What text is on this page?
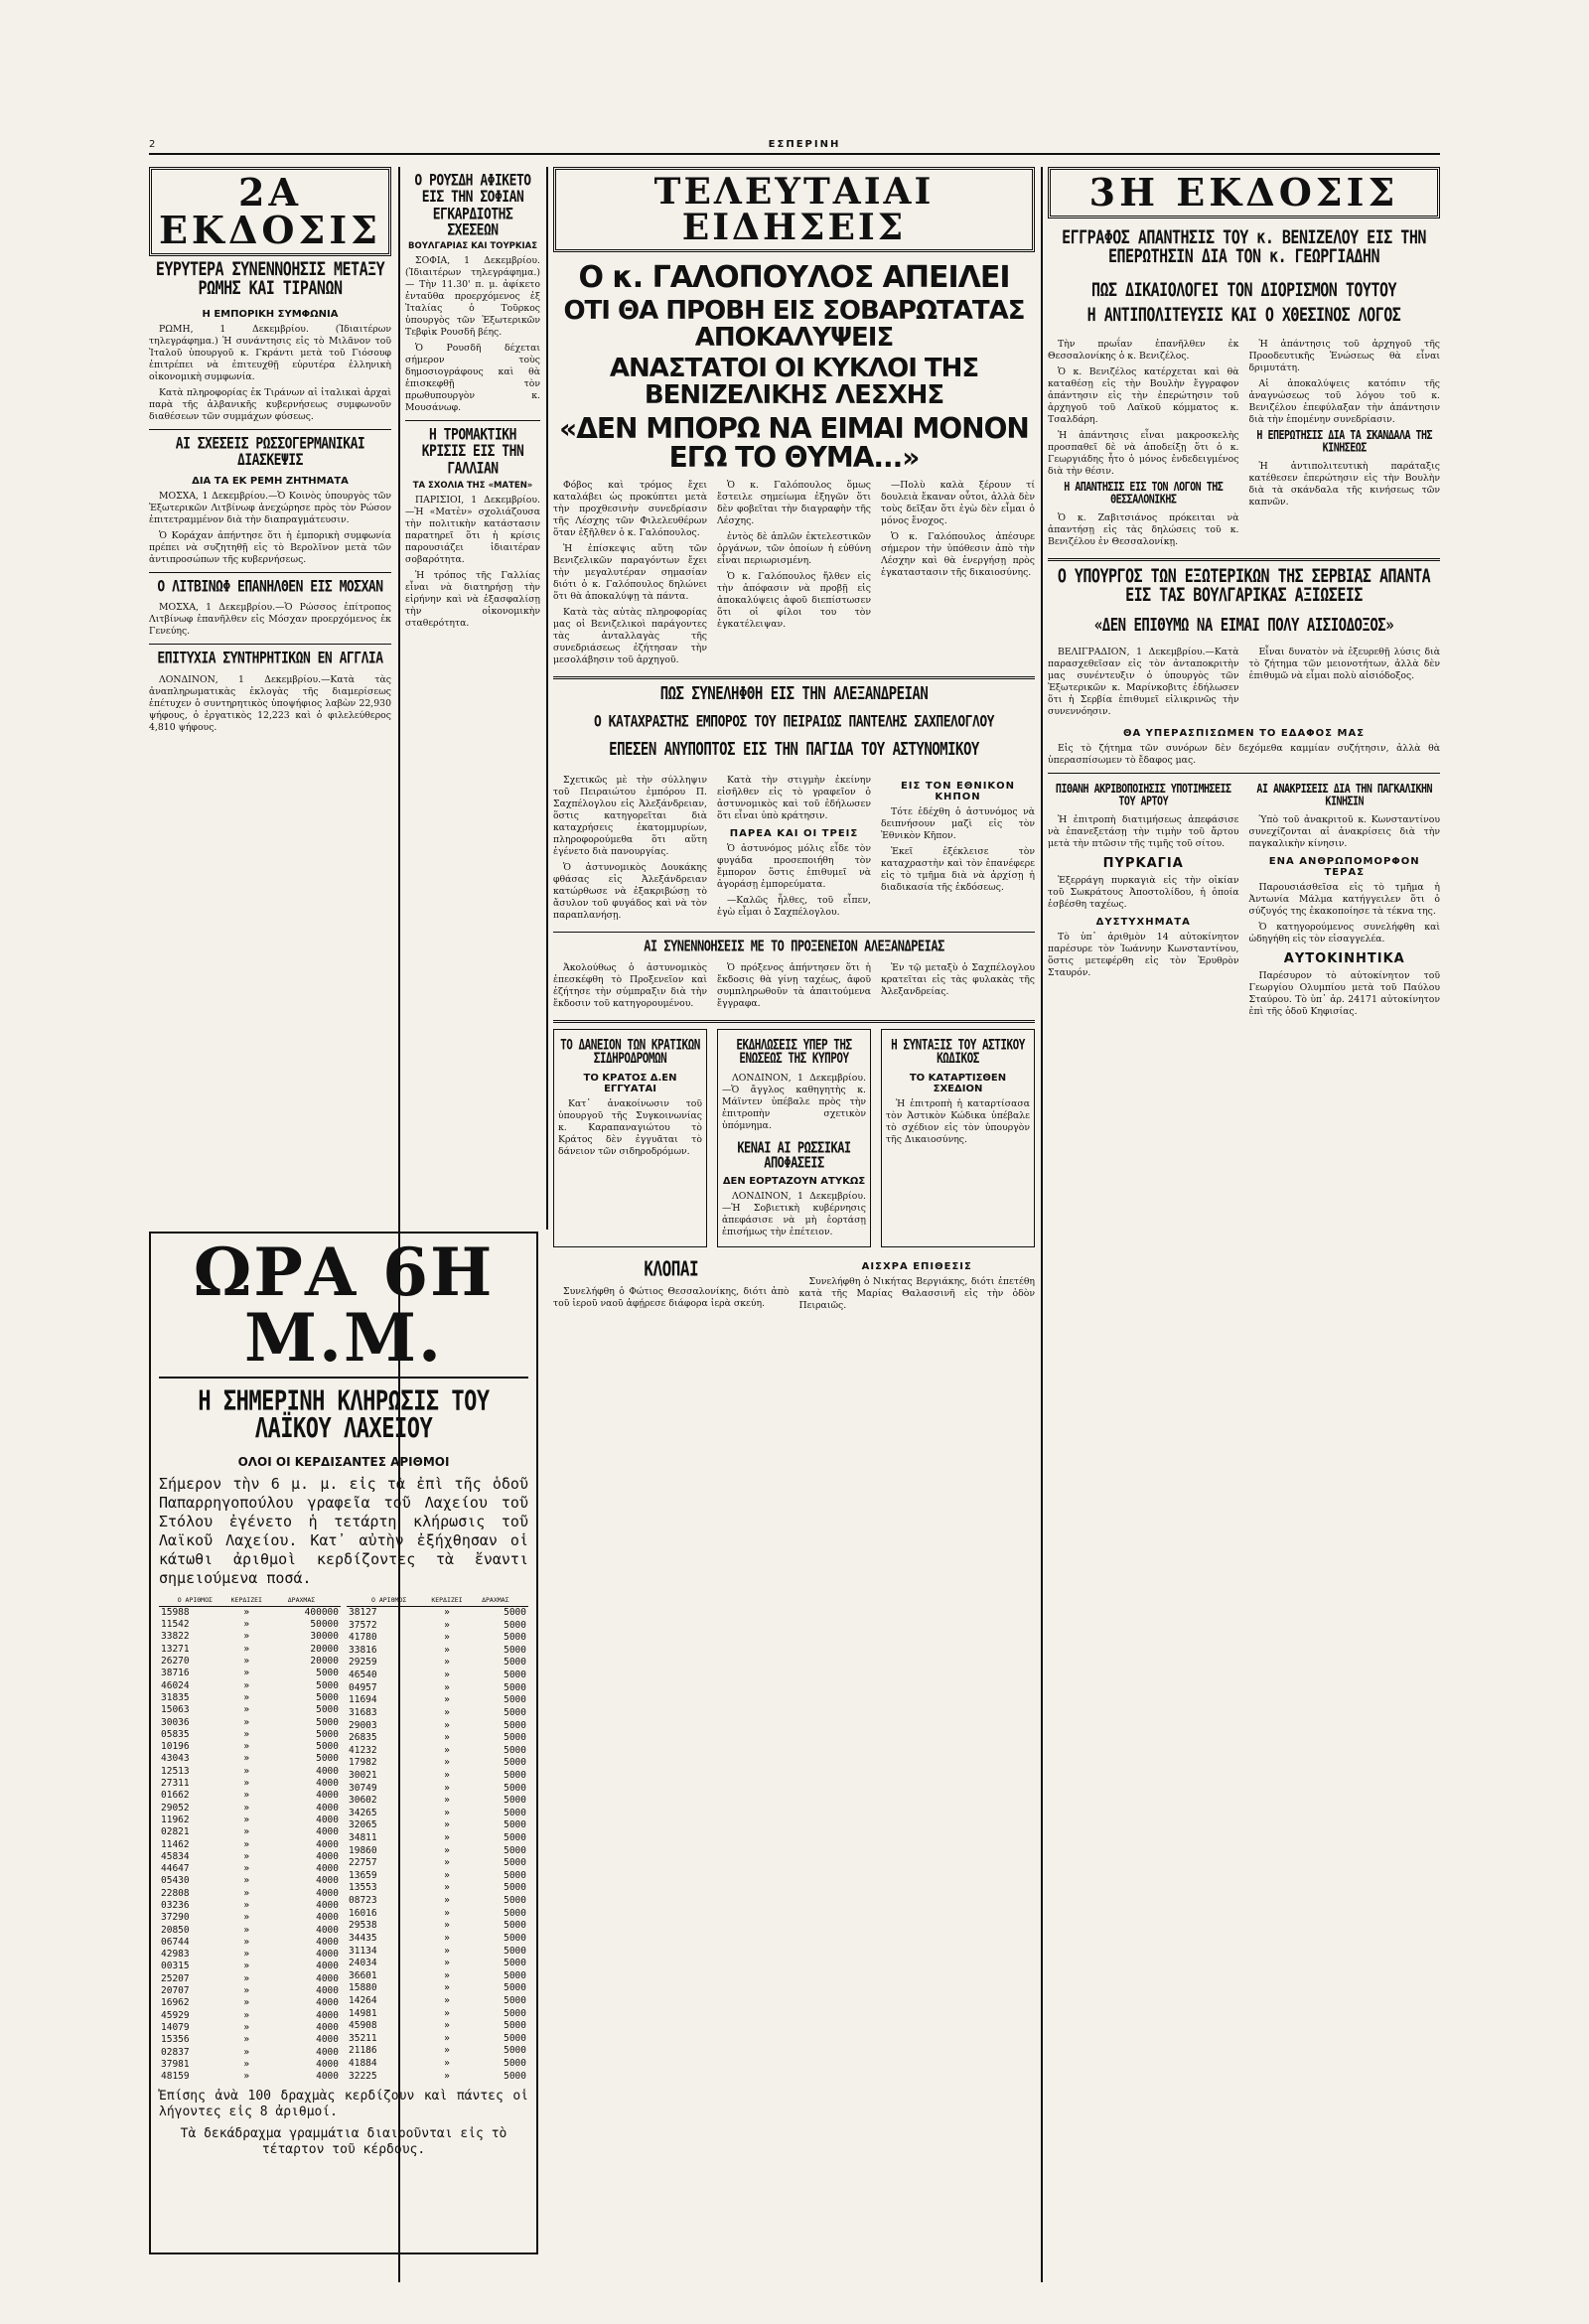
2	ΕΣΠΕΡΙΝΗ
2Α ΕΚΔΟΣΙΣ
ΕΥΡΥΤΕΡΑ ΣΥΝΕΝΝΟΗΣΙΣ ΜΕΤΑΞΥ ΡΩΜΗΣ ΚΑΙ ΤΙΡΑΝΩΝ
Η ΕΜΠΟΡΙΚΗ ΣΥΜΦΩΝΙΑ

ΡΩΜΗ, 1 Δεκεμβρίου. (Ἰδιαιτέρων τηλεγράφημα.) Ἡ συνάντησις εἰς τὸ Μιλᾶνον τοῦ Ἰταλοῦ ὑπουργοῦ κ. Γκράντι μετὰ τοῦ Γιόσουφ ἐπιτρέπει νὰ ἐπιτευχθῇ εὐρυτέρα ἑλληνικὴ οἰκονομικὴ συμφωνία.

Κατὰ πληροφορίας ἐκ Τιράνων αἱ ἰταλικαὶ ἀρχαὶ παρὰ τῆς ἀλβανικῆς κυβερνήσεως συμφωνοῦν διαθέσεων τῶν συμμάχων φύσεως.

ΑΙ ΣΧΕΣΕΙΣ ΡΩΣΣΟΓΕΡΜΑΝΙΚΑΙ ΔΙΑΣΚΕΨΙΣ
ΔΙΑ ΤΑ ΕΚ ΡΕΜΗ ΖΗΤΗΜΑΤΑ

ΜΟΣΧΑ, 1 Δεκεμβρίου.—Ὁ Κοινὸς ὑπουργὸς τῶν Ἐξωτερικῶν Λιτβίνωφ ἀνεχώρησε πρὸς τὸν Ρώσον ἐπιτετραμμένον διὰ τὴν διαπραγμάτευσιν.

Ὁ Κοράχαν ἀπήντησε ὅτι ἡ ἐμπορικὴ συμφωνία πρέπει νὰ συζητηθῇ εἰς τὸ Βερολῖνον μετὰ τῶν ἀντιπροσώπων τῆς κυβερνήσεως.

Ο ΛΙΤΒΙΝΩΦ ΕΠΑΝΗΛΘΕΝ ΕΙΣ ΜΟΣΧΑΝ

ΜΟΣΧΑ, 1 Δεκεμβρίου.—Ὁ Ρώσσος ἐπίτροπος Λιτβίνωφ ἐπανῆλθεν εἰς Μόσχαν προερχόμενος ἐκ Γενεύης.

ΕΠΙΤΥΧΙΑ ΣΥΝΤΗΡΗΤΙΚΩΝ ΕΝ ΑΓΓΛΙΑ

ΛΟΝΔΙΝΟΝ, 1 Δεκεμβρίου.—Κατὰ τὰς ἀναπληρωματικὰς ἐκλογὰς τῆς διαμερίσεως ἐπέτυχεν ὁ συντηρητικὸς ὑποψήφιος λαβὼν 22,930 ψήφους, ὁ ἐργατικὸς 12,223 καὶ ὁ φιλελεύθερος 4,810 ψήφους.

Ο ΡΟΥΣΔΗ ΑΦΙΚΕΤΟ ΕΙΣ ΤΗΝ ΣΟΦΙΑΝ ΕΓΚΑΡΔΙΟΤΗΣ ΣΧΕΣΕΩΝ
ΒΟΥΛΓΑΡΙΑΣ ΚΑΙ ΤΟΥΡΚΙΑΣ

ΣΟΦΙΑ, 1 Δεκεμβρίου. (Ἰδιαιτέρων τηλεγράφημα.) — Τὴν 11.30' π. μ. ἀφίκετο ἐνταῦθα προερχόμενος ἐξ Ἰταλίας ὁ Τοῦρκος ὑπουργὸς τῶν Ἐξωτερικῶν Τεβφὶκ Ρουσδῆ βέης.

Ὁ Ρουσδῆ δέχεται σήμερον τοὺς δημοσιογράφους καὶ θὰ ἐπισκεφθῇ τὸν πρωθυπουργὸν κ. Μουσάνωφ.

Η ΤΡΟΜΑΚΤΙΚΗ ΚΡΙΣΙΣ ΕΙΣ ΤΗΝ ΓΑΛΛΙΑΝ
ΤΑ ΣΧΟΛΙΑ ΤΗΣ «ΜΑΤΕΝ»

ΠΑΡΙΣΙΟΙ, 1 Δεκεμβρίου.—Ἡ «Ματὲν» σχολιάζουσα τὴν πολιτικὴν κατάστασιν παρατηρεῖ ὅτι ἡ κρίσις παρουσιάζει ἰδιαιτέραν σοβαρότητα.

Ἡ τρόπος τῆς Γαλλίας εἶναι νὰ διατηρήσῃ τὴν εἰρήνην καὶ νὰ ἐξασφαλίσῃ τὴν οἰκονομικὴν σταθερότητα.

ΩΡΑ 6Η Μ.Μ.
Η ΣΗΜΕΡΙΝΗ ΚΛΗΡΩΣΙΣ ΤΟΥ ΛΑΪΚΟΥ ΛΑΧΕΙΟΥ
ΟΛΟΙ ΟΙ ΚΕΡΔΙΣΑΝΤΕΣ ΑΡΙΘΜΟΙ
Σήμερον τὴν 6 μ. μ. εἰς τὰ ἐπὶ τῆς ὁδοῦ Παπαρρηγοπούλου γραφεῖα τοῦ Λαχείου τοῦ Στόλου ἐγένετο ἡ τετάρτη κλήρωσις τοῦ Λαϊκοῦ Λαχείου. Κατ᾽ αὐτὴν ἐξήχθησαν οἱ κάτωθι ἀριθμοὶ κερδίζοντες τὰ ἔναντι σημειούμενα ποσά.
Ο ΑΡΙΘΜΟΣ	ΚΕΡΔΙΖΕΙ	ΔΡΑΧΜΑΣ
15988	»	400000
11542	»	50000
33822	»	30000
13271	»	20000
26270	»	20000
38716	»	5000
46024	»	5000
31835	»	5000
15063	»	5000
30036	»	5000
05835	»	5000
10196	»	5000
43043	»	5000
12513	»	4000
27311	»	4000
01662	»	4000
29052	»	4000
11962	»	4000
02821	»	4000
11462	»	4000
45834	»	4000
44647	»	4000
05430	»	4000
22808	»	4000
03236	»	4000
37290	»	4000
20850	»	4000
06744	»	4000
42983	»	4000
00315	»	4000
25207	»	4000
20707	»	4000
16962	»	4000
45929	»	4000
14079	»	4000
15356	»	4000
02837	»	4000
37981	»	4000
48159	»	4000
Ο ΑΡΙΘΜΟΣ	ΚΕΡΔΙΖΕΙ	ΔΡΑΧΜΑΣ
38127	»	5000
37572	»	5000
41780	»	5000
33816	»	5000
29259	»	5000
46540	»	5000
04957	»	5000
11694	»	5000
31683	»	5000
29003	»	5000
26835	»	5000
41232	»	5000
17982	»	5000
30021	»	5000
30749	»	5000
30602	»	5000
34265	»	5000
32065	»	5000
34811	»	5000
19860	»	5000
22757	»	5000
13659	»	5000
13553	»	5000
08723	»	5000
16016	»	5000
29538	»	5000
34435	»	5000
31134	»	5000
24034	»	5000
36601	»	5000
15880	»	5000
14264	»	5000
14981	»	5000
45908	»	5000
35211	»	5000
21186	»	5000
41884	»	5000
32225	»	5000
Ἐπίσης ἀνὰ 100 δραχμὰς κερδίζουν καὶ πάντες οἱ λήγοντες εἰς 8 ἀριθμοί.
Τὰ δεκάδραχμα γραμμάτια διαιροῦνται εἰς τὸ τέταρτον τοῦ κέρδους.
ΤΕΛΕΥΤΑΙΑΙ ΕΙΔΗΣΕΙΣ
Ο κ. ΓΑΛΟΠΟΥΛΟΣ ΑΠΕΙΛΕΙ
ΟΤΙ ΘΑ ΠΡΟΒΗ ΕΙΣ ΣΟΒΑΡΩΤΑΤΑΣ ΑΠΟΚΑΛΥΨΕΙΣ
ΑΝΑΣΤΑΤΟΙ ΟΙ ΚΥΚΛΟΙ ΤΗΣ ΒΕΝΙΖΕΛΙΚΗΣ ΛΕΣΧΗΣ
«ΔΕΝ ΜΠΟΡΩ ΝΑ ΕΙΜΑΙ ΜΟΝΟΝ ΕΓΩ ΤΟ ΘΥΜΑ...»

Φόβος καὶ τρόμος ἔχει καταλάβει ὡς προκύπτει μετὰ τὴν προχθεσινὴν συνεδρίασιν τῆς Λέσχης τῶν Φιλελευθέρων ὅταν ἐξῆλθεν ὁ κ. Γαλόπουλος.

Ἡ ἐπίσκεψις αὕτη τῶν Βενιζελικῶν παραγόντων ἔχει τὴν μεγαλυτέραν σημασίαν διότι ὁ κ. Γαλόπουλος δηλώνει ὅτι θὰ ἀποκαλύψῃ τὰ πάντα.

Κατὰ τὰς αὐτὰς πληροφορίας μας οἱ Βενιζελικοὶ παράγοντες τὰς ἀνταλλαγὰς τῆς συνεδριάσεως ἐζήτησαν τὴν μεσολάβησιν τοῦ ἀρχηγοῦ.

Ὁ κ. Γαλόπουλος ὅμως ἔστειλε σημείωμα ἐξηγῶν ὅτι δὲν φοβεῖται τὴν διαγραφὴν τῆς Λέσχης.

ἐντὸς δὲ ἁπλῶν ἐκτελεστικῶν ὀργάνων, τῶν ὁποίων ἡ εὐθύνη εἶναι περιωρισμένη.

Ὁ κ. Γαλόπουλος ἤλθεν εἰς τὴν ἀπόφασιν νὰ προβῇ εἰς ἀποκαλύψεις ἀφοῦ διεπίστωσεν ὅτι οἱ φίλοι του τὸν ἐγκατέλειψαν.

—Πολὺ καλὰ ξέρουν τί δουλειὰ ἔκαναν οὗτοι, ἀλλὰ δὲν τοὺς δεῖξαν ὅτι ἐγὼ δὲν εἶμαι ὁ μόνος ἔνοχος.

Ὁ κ. Γαλόπουλος ἀπέσυρε σήμερον τὴν ὑπόθεσιν ἀπὸ τὴν Λέσχην καὶ θὰ ἐνεργήσῃ πρὸς ἐγκαταστασιν τῆς δικαιοσύνης.

ΠΩΣ ΣΥΝΕΛΗΦΘΗ ΕΙΣ ΤΗΝ ΑΛΕΞΑΝΔΡΕΙΑΝ
Ο ΚΑΤΑΧΡΑΣΤΗΣ ΕΜΠΟΡΟΣ ΤΟΥ ΠΕΙΡΑΙΩΣ ΠΑΝΤΕΛΗΣ ΣΑΧΠΕΛΟΓΛΟΥ
ΕΠΕΣΕΝ ΑΝΥΠΟΠΤΟΣ ΕΙΣ ΤΗΝ ΠΑΓΙΔΑ ΤΟΥ ΑΣΤΥΝΟΜΙΚΟΥ

Σχετικῶς μὲ τὴν σύλληψιν τοῦ Πειραιώτου ἐμπόρου Π. Σαχπέλογλου εἰς Ἀλεξάνδρειαν, ὅστις κατηγορεῖται διὰ καταχρήσεις ἐκατομμυρίων, πληροφορούμεθα ὅτι αὕτη ἐγένετο διὰ πανουργίας.

Ὁ ἀστυνομικὸς Δουκάκης φθάσας εἰς Ἀλεξάνδρειαν κατώρθωσε νὰ ἐξακριβώσῃ τὸ ἄσυλον τοῦ φυγάδος καὶ νὰ τὸν παραπλανήσῃ.

Κατὰ τὴν στιγμὴν ἐκείνην εἰσῆλθεν εἰς τὸ γραφεῖον ὁ ἀστυνομικὸς καὶ τοῦ ἐδήλωσεν ὅτι εἶναι ὑπὸ κράτησιν.

ΠΑΡΕΑ ΚΑΙ ΟΙ ΤΡΕΙΣ

Ὁ ἀστυνόμος μόλις εἶδε τὸν φυγάδα προσεποιήθη τὸν ἔμπορον ὅστις ἐπιθυμεῖ νὰ ἀγοράσῃ ἐμπορεύματα.

—Καλῶς ἦλθες, τοῦ εἶπεν, ἐγὼ εἶμαι ὁ Σαχπέλογλου.

ΕΙΣ ΤΟΝ ΕΘΝΙΚΟΝ ΚΗΠΟΝ

Τότε ἐδέχθη ὁ ἀστυνόμος νὰ δειπνήσουν μαζὶ εἰς τὸν Ἐθνικὸν Κῆπον.

Ἐκεῖ ἐξέκλεισε τὸν καταχραστὴν καὶ τὸν ἐπανέφερε εἰς τὸ τμῆμα διὰ νὰ ἀρχίσῃ ἡ διαδικασία τῆς ἐκδόσεως.

ΑΙ ΣΥΝΕΝΝΟΗΣΕΙΣ ΜΕ ΤΟ ΠΡΟΞΕΝΕΙΟΝ ΑΛΕΞΑΝΔΡΕΙΑΣ

Ἀκολούθως ὁ ἀστυνομικὸς ἐπεσκέφθη τὸ Προξενεῖον καὶ ἐζήτησε τὴν σύμπραξιν διὰ τὴν ἔκδοσιν τοῦ κατηγορουμένου.

Ὁ πρόξενος ἀπήντησεν ὅτι ἡ ἔκδοσις θὰ γίνῃ ταχέως, ἀφοῦ συμπληρωθοῦν τὰ ἀπαιτούμενα ἔγγραφα.

Ἐν τῷ μεταξὺ ὁ Σαχπέλογλου κρατεῖται εἰς τὰς φυλακὰς τῆς Ἀλεξανδρείας.

ΤΟ ΔΑΝΕΙΟΝ ΤΩΝ ΚΡΑΤΙΚΩΝ ΣΙΔΗΡΟΔΡΟΜΩΝ
ΤΟ ΚΡΑΤΟΣ Δ.ΕΝ ΕΓΓΥΑΤΑΙ

Κατ᾽ ἀνακοίνωσιν τοῦ ὑπουργοῦ τῆς Συγκοινωνίας κ. Καραπαναγιώτου τὸ Κράτος δὲν ἐγγυᾶται τὸ δάνειον τῶν σιδηροδρόμων.

ΕΚΔΗΛΩΣΕΙΣ ΥΠΕΡ ΤΗΣ ΕΝΩΣΕΩΣ ΤΗΣ ΚΥΠΡΟΥ

ΛΟΝΔΙΝΟΝ, 1 Δεκεμβρίου.—Ὁ ἄγγλος καθηγητὴς κ. Μάϊντεν ὑπέβαλε πρὸς τὴν ἐπιτροπὴν σχετικὸν ὑπόμνημα.

ΚΕΝΑΙ ΑΙ ΡΩΣΣΙΚΑΙ ΑΠΟΦΑΣΕΙΣ
ΔΕΝ ΕΟΡΤΑΖΟΥΝ ΑΤΥΚΩΣ

ΛΟΝΔΙΝΟΝ, 1 Δεκεμβρίου.—Ἡ Σοβιετικὴ κυβέρνησις ἀπεφάσισε νὰ μὴ ἑορτάσῃ ἐπισήμως τὴν ἐπέτειον.

Η ΣΥΝΤΑΞΙΣ ΤΟΥ ΑΣΤΙΚΟΥ ΚΩΔΙΚΟΣ
ΤΟ ΚΑΤΑΡΤΙΣΘΕΝ ΣΧΕΔΙΟΝ

Ἡ ἐπιτροπὴ ἡ καταρτίσασα τὸν Ἀστικὸν Κώδικα ὑπέβαλε τὸ σχέδιον εἰς τὸν ὑπουργὸν τῆς Δικαιοσύνης.

ΚΛΟΠΑΙ

Συνελήφθη ὁ Φώτιος Θεσσαλονίκης, διότι ἀπὸ τοῦ ἰεροῦ ναοῦ ἀφῄρεσε διάφορα ἱερὰ σκεύη.

ΑΙΣΧΡΑ ΕΠΙΘΕΣΙΣ

Συνελήφθη ὁ Νικήτας Βεργιάκης, διότι ἐπετέθη κατὰ τῆς Μαρίας Θαλασσινῆ εἰς τὴν ὁδὸν Πειραιῶς.

3Η ΕΚΔΟΣΙΣ
ΕΓΓΡΑΦΟΣ ΑΠΑΝΤΗΣΙΣ ΤΟΥ κ. ΒΕΝΙΖΕΛΟΥ ΕΙΣ ΤΗΝ ΕΠΕΡΩΤΗΣΙΝ ΔΙΑ ΤΟΝ κ. ΓΕΩΡΓΙΑΔΗΝ
ΠΩΣ ΔΙΚΑΙΟΛΟΓΕΙ ΤΟΝ ΔΙΟΡΙΣΜΟΝ ΤΟΥΤΟΥ
Η ΑΝΤΙΠΟΛΙΤΕΥΣΙΣ ΚΑΙ Ο ΧΘΕΣΙΝΟΣ ΛΟΓΟΣ

Τὴν πρωΐαν ἐπανῆλθεν ἐκ Θεσσαλονίκης ὁ κ. Βενιζέλος.

Ὁ κ. Βενιζέλος κατέρχεται καὶ θὰ καταθέσῃ εἰς τὴν Βουλὴν ἔγγραφον ἀπάντησιν εἰς τὴν ἐπερώτησιν τοῦ ἀρχηγοῦ τοῦ Λαϊκοῦ κόμματος κ. Τσαλδάρη.

Ἡ ἀπάντησις εἶναι μακροσκελὴς προσπαθεῖ δὲ νὰ ἀποδείξῃ ὅτι ὁ κ. Γεωργιάδης ἦτο ὁ μόνος ἐνδεδειγμένος διὰ τὴν θέσιν.

Η ΑΠΑΝΤΗΣΙΣ ΕΙΣ ΤΟΝ ΛΟΓΟΝ ΤΗΣ ΘΕΣΣΑΛΟΝΙΚΗΣ

Ὁ κ. Ζαβιτσιάνος πρόκειται νὰ ἀπαντήσῃ εἰς τὰς δηλώσεις τοῦ κ. Βενιζέλου ἐν Θεσσαλονίκῃ.

Ἡ ἀπάντησις τοῦ ἀρχηγοῦ τῆς Προοδευτικῆς Ἑνώσεως θὰ εἶναι δριμυτάτη.

Αἱ ἀποκαλύψεις κατόπιν τῆς ἀναγνώσεως τοῦ λόγου τοῦ κ. Βενιζέλου ἐπεφύλαξαν τὴν ἀπάντησιν διὰ τὴν ἑπομένην συνεδρίασιν.

Η ΕΠΕΡΩΤΗΣΙΣ ΔΙΑ ΤΑ ΣΚΑΝΔΑΛΑ ΤΗΣ ΚΙΝΗΣΕΩΣ

Ἡ ἀντιπολιτευτικὴ παράταξις κατέθεσεν ἐπερώτησιν εἰς τὴν Βουλὴν διὰ τὰ σκάνδαλα τῆς κινήσεως τῶν καπνῶν.

Ο ΥΠΟΥΡΓΟΣ ΤΩΝ ΕΞΩΤΕΡΙΚΩΝ ΤΗΣ ΣΕΡΒΙΑΣ ΑΠΑΝΤΑ ΕΙΣ ΤΑΣ ΒΟΥΛΓΑΡΙΚΑΣ ΑΞΙΩΣΕΙΣ
«ΔΕΝ ΕΠΙΘΥΜΩ ΝΑ ΕΙΜΑΙ ΠΟΛΥ ΑΙΣΙΟΔΟΞΟΣ»

ΒΕΛΙΓΡΑΔΙΟΝ, 1 Δεκεμβρίου.—Κατὰ παρασχεθεῖσαν εἰς τὸν ἀνταποκριτὴν μας συνέντευξιν ὁ ὑπουργὸς τῶν Ἐξωτερικῶν κ. Μαρίνκοβιτς ἐδήλωσεν ὅτι ἡ Σερβία ἐπιθυμεῖ εἰλικρινῶς τὴν συνεννόησιν.

Εἶναι δυνατὸν νὰ ἐξευρεθῇ λύσις διὰ τὸ ζήτημα τῶν μειονοτήτων, ἀλλὰ δὲν ἐπιθυμῶ νὰ εἶμαι πολὺ αἰσιόδοξος.

ΘΑ ΥΠΕΡΑΣΠΙΣΩΜΕΝ ΤΟ ΕΔΑΦΟΣ ΜΑΣ

Εἰς τὸ ζήτημα τῶν συνόρων δὲν δεχόμεθα καμμίαν συζήτησιν, ἀλλὰ θὰ ὑπερασπίσωμεν τὸ ἔδαφος μας.

ΠΙΘΑΝΗ ΑΚΡΙΒΟΠΟΙΗΣΙΣ ΥΠΟΤΙΜΗΣΕΙΣ ΤΟΥ ΑΡΤΟΥ

Ἡ ἐπιτροπὴ διατιμήσεως ἀπεφάσισε νὰ ἐπανεξετάσῃ τὴν τιμὴν τοῦ ἄρτου μετὰ τὴν πτῶσιν τῆς τιμῆς τοῦ σίτου.

ΠΥΡΚΑΓΙΑ

Ἐξερράγη πυρκαγιὰ εἰς τὴν οἰκίαν τοῦ Σωκράτους Ἀποστολίδου, ἡ ὁποία ἐσβέσθη ταχέως.

ΔΥΣΤΥΧΗΜΑΤΑ

Τὸ ὑπ᾽ ἀριθμὸν 14 αὐτοκίνητον παρέσυρε τὸν Ἰωάννην Κωνσταντίνου, ὅστις μετεφέρθη εἰς τὸν Ἐρυθρὸν Σταυρόν.

ΑΙ ΑΝΑΚΡΙΣΕΙΣ ΔΙΑ ΤΗΝ ΠΑΓΚΑΛΙΚΗΝ ΚΙΝΗΣΙΝ

Ὑπὸ τοῦ ἀνακριτοῦ κ. Κωνσταντίνου συνεχίζονται αἱ ἀνακρίσεις διὰ τὴν παγκαλικὴν κίνησιν.

ΕΝΑ ΑΝΘΡΩΠΟΜΟΡΦΟΝ ΤΕΡΑΣ

Παρουσιάσθεῖσα εἰς τὸ τμῆμα ἡ Ἀντωνία Μάλμα κατήγγειλεν ὅτι ὁ σύζυγός της ἐκακοποίησε τὰ τέκνα της.

Ὁ κατηγορούμενος συνελήφθη καὶ ὡδηγήθη εἰς τὸν εἰσαγγελέα.

ΑΥΤΟΚΙΝΗΤΙΚΑ

Παρέσυρον τὸ αὐτοκίνητον τοῦ Γεωργίου Ολυμπίου μετὰ τοῦ Παύλου Σταύρου. Τὸ ὑπ᾽ ἀρ. 24171 αὐτοκίνητον ἐπὶ τῆς ὁδοῦ Κηφισίας.
